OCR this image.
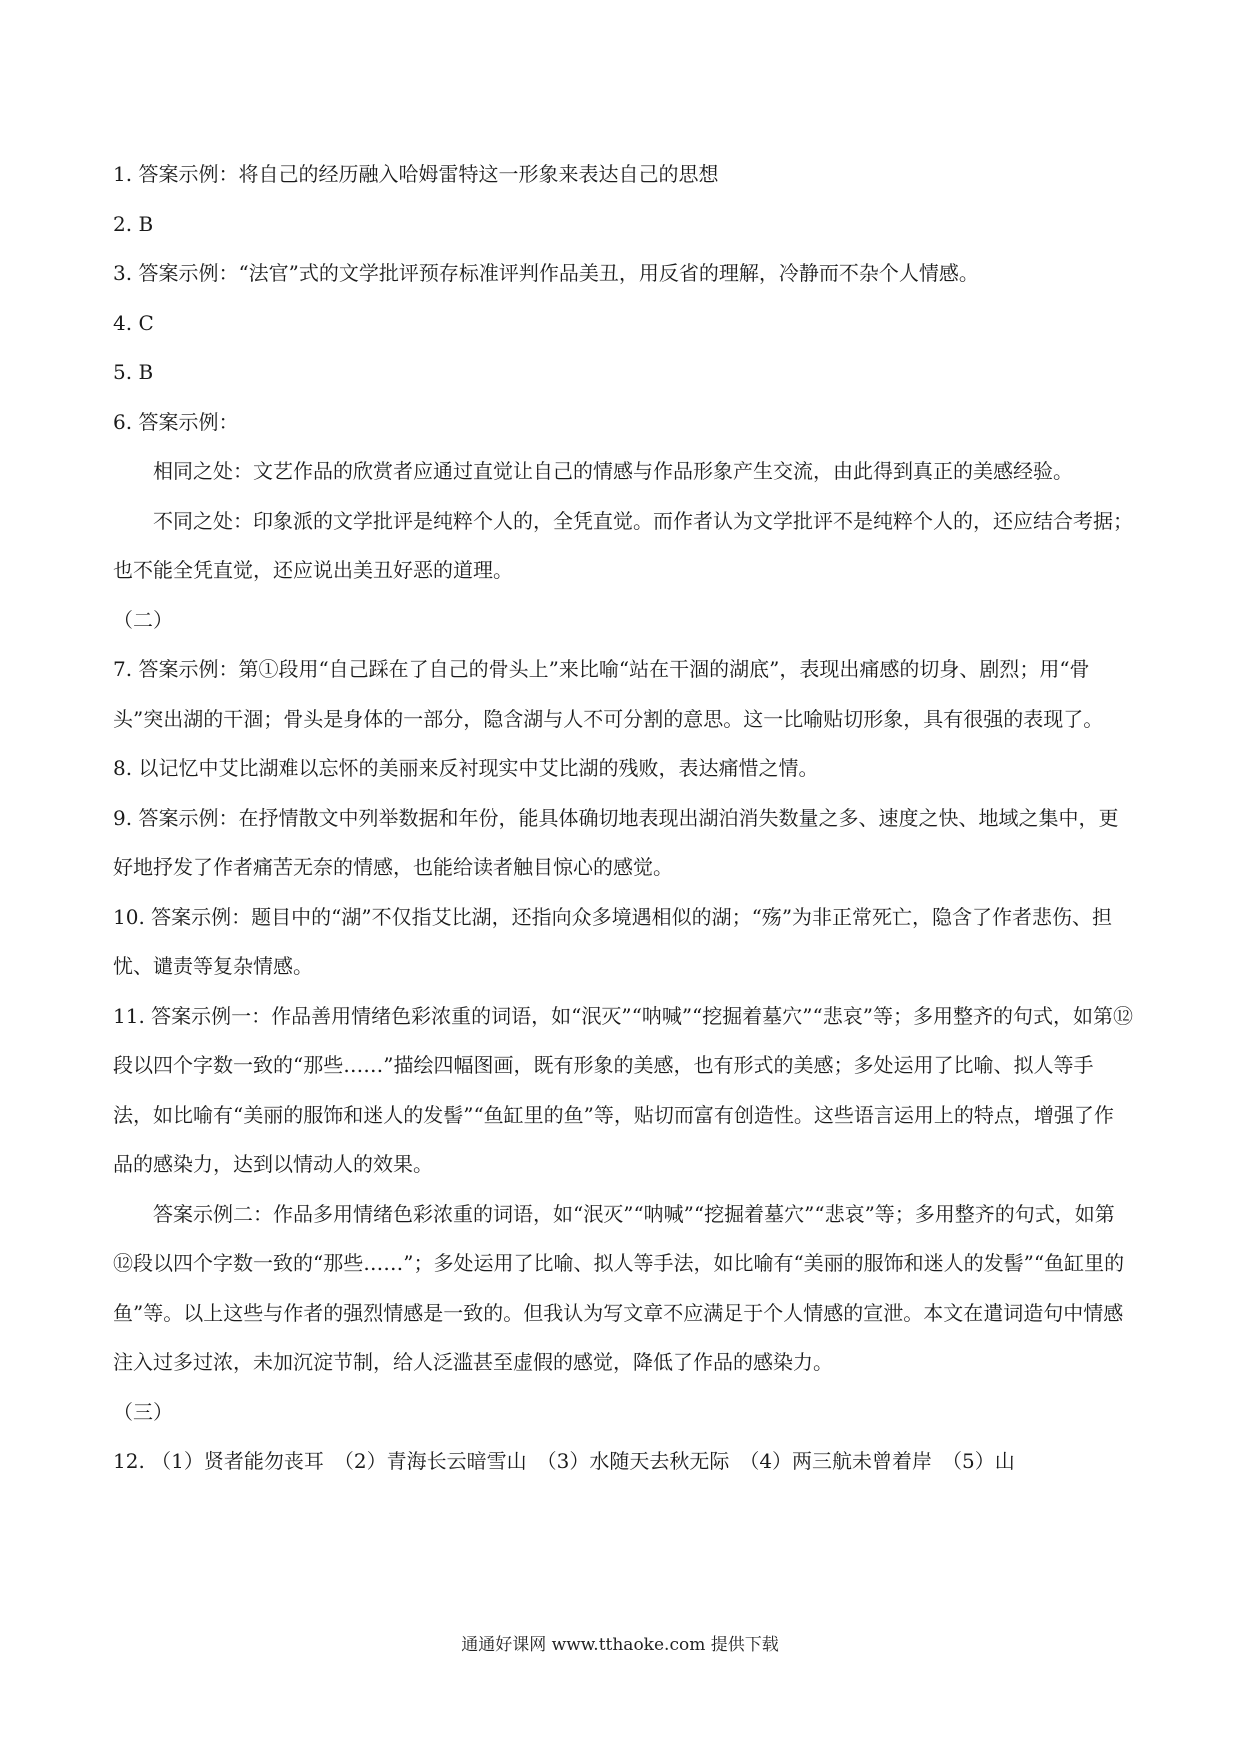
1. 答案示例：将自己的经历融入哈姆雷特这一形象来表达自己的思想

2. B

3. 答案示例：“法官”式的文学批评预存标准评判作品美丑，用反省的理解，冷静而不杂个人情感。

4. C

5. B

6. 答案示例：

相同之处：文艺作品的欣赏者应通过直觉让自己的情感与作品形象产生交流，由此得到真正的美感经验。

不同之处：印象派的文学批评是纯粹个人的，全凭直觉。而作者认为文学批评不是纯粹个人的，还应结合考据；也不能全凭直觉，还应说出美丑好恶的道理。

（二）

7. 答案示例：第①段用“自己踩在了自己的骨头上”来比喻“站在干涸的湖底”，表现出痛感的切身、剧烈；用“骨头”突出湖的干涸；骨头是身体的一部分，隐含湖与人不可分割的意思。这一比喻贴切形象，具有很强的表现了。

8. 以记忆中艾比湖难以忘怀的美丽来反衬现实中艾比湖的残败，表达痛惜之情。

9. 答案示例：在抒情散文中列举数据和年份，能具体确切地表现出湖泊消失数量之多、速度之快、地域之集中，更好地抒发了作者痛苦无奈的情感，也能给读者触目惊心的感觉。

10. 答案示例：题目中的“湖”不仅指艾比湖，还指向众多境遇相似的湖；“殇”为非正常死亡，隐含了作者悲伤、担忧、谴责等复杂情感。

11. 答案示例一：作品善用情绪色彩浓重的词语，如“泯灭”“呐喊”“挖掘着墓穴”“悲哀”等；多用整齐的句式，如第⑫段以四个字数一致的“那些……”描绘四幅图画，既有形象的美感，也有形式的美感；多处运用了比喻、拟人等手法，如比喻有“美丽的服饰和迷人的发髻”“鱼缸里的鱼”等，贴切而富有创造性。这些语言运用上的特点，增强了作品的感染力，达到以情动人的效果。

答案示例二：作品多用情绪色彩浓重的词语，如“泯灭”“呐喊”“挖掘着墓穴”“悲哀”等；多用整齐的句式，如第⑫段以四个字数一致的“那些……”；多处运用了比喻、拟人等手法，如比喻有“美丽的服饰和迷人的发髻”“鱼缸里的鱼”等。以上这些与作者的强烈情感是一致的。但我认为写文章不应满足于个人情感的宣泄。本文在遣词造句中情感注入过多过浓，未加沉淀节制，给人泛滥甚至虚假的感觉，降低了作品的感染力。

（三）

12. （1）贤者能勿丧耳　（2）青海长云暗雪山　（3）水随天去秋无际　（4）两三航未曾着岸　（5）山

通通好课网 www.tthaoke.com 提供下载
